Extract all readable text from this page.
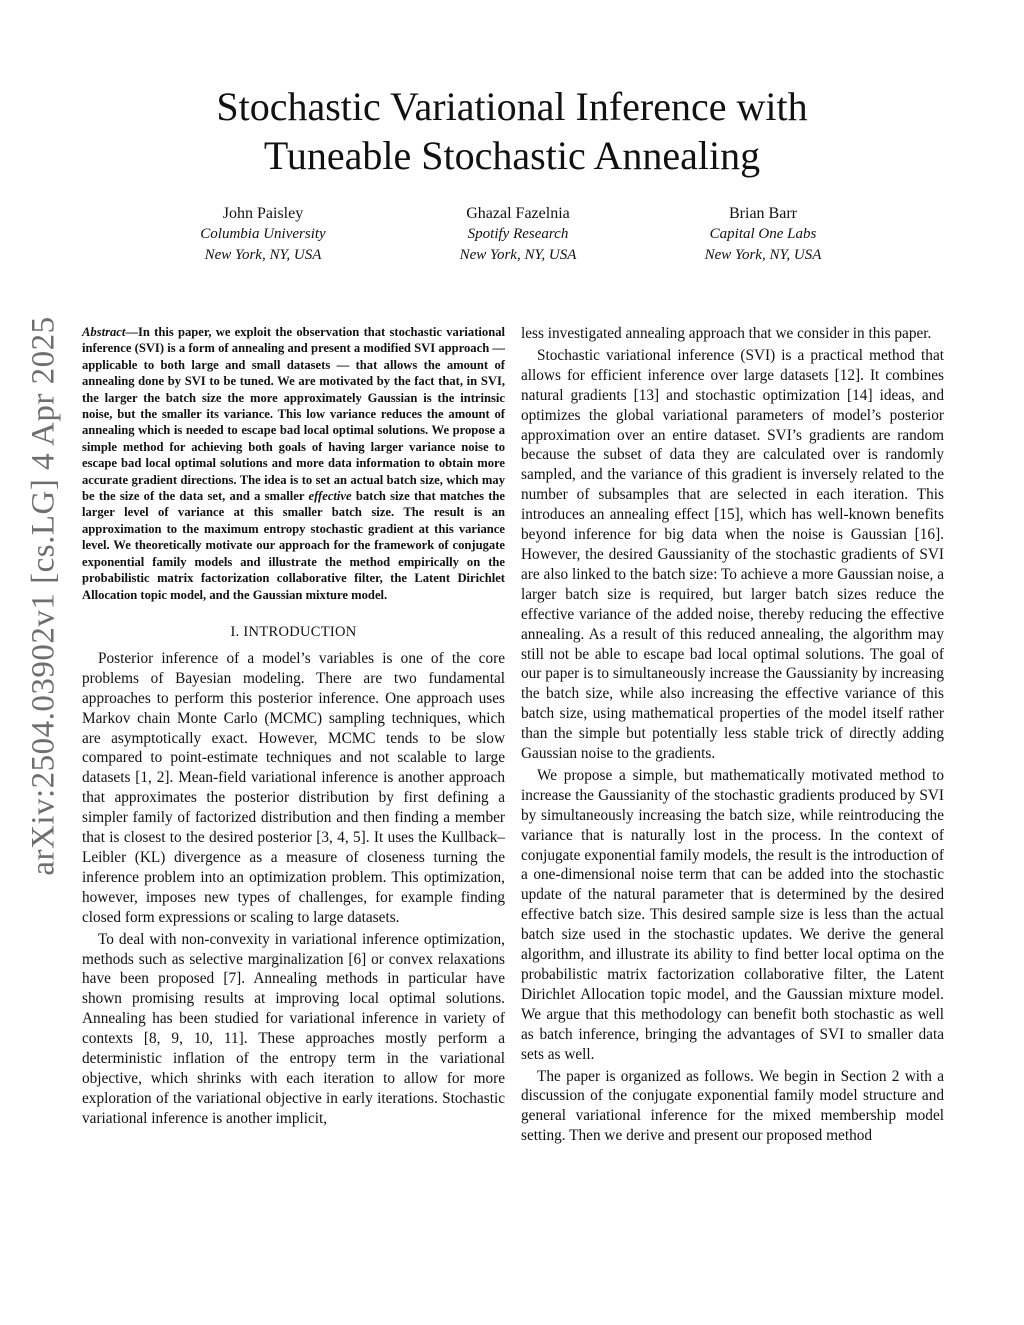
arXiv:2504.03902v1 [cs.LG] 4 Apr 2025
Stochastic Variational Inference with
Tuneable Stochastic Annealing
John Paisley
Columbia University
New York, NY, USA
Ghazal Fazelnia
Spotify Research
New York, NY, USA
Brian Barr
Capital One Labs
New York, NY, USA

Abstract—In this paper, we exploit the observation that stochastic variational inference (SVI) is a form of annealing and present a modified SVI approach — applicable to both large and small datasets — that allows the amount of annealing done by SVI to be tuned. We are motivated by the fact that, in SVI, the larger the batch size the more approximately Gaussian is the intrinsic noise, but the smaller its variance. This low variance reduces the amount of annealing which is needed to escape bad local optimal solutions. We propose a simple method for achieving both goals of having larger variance noise to escape bad local optimal solutions and more data information to obtain more accurate gradient directions. The idea is to set an actual batch size, which may be the size of the data set, and a smaller effective batch size that matches the larger level of variance at this smaller batch size. The result is an approximation to the maximum entropy stochastic gradient at this variance level. We theoretically motivate our approach for the framework of conjugate exponential family models and illustrate the method empirically on the probabilistic matrix factorization collaborative filter, the Latent Dirichlet Allocation topic model, and the Gaussian mixture model.

I. INTRODUCTION

Posterior inference of a model’s variables is one of the core problems of Bayesian modeling. There are two fundamental approaches to perform this posterior inference. One approach uses Markov chain Monte Carlo (MCMC) sampling techniques, which are asymptotically exact. However, MCMC tends to be slow compared to point-estimate techniques and not scalable to large datasets [1, 2]. Mean-field variational inference is another approach that approximates the posterior distribution by first defining a simpler family of factorized distribution and then finding a member that is closest to the desired posterior [3, 4, 5]. It uses the Kullback–Leibler (KL) divergence as a measure of closeness turning the inference problem into an optimization problem. This optimization, however, imposes new types of challenges, for example finding closed form expressions or scaling to large datasets.

To deal with non-convexity in variational inference optimization, methods such as selective marginalization [6] or convex relaxations have been proposed [7]. Annealing methods in particular have shown promising results at improving local optimal solutions. Annealing has been studied for variational inference in variety of contexts [8, 9, 10, 11]. These approaches mostly perform a deterministic inflation of the entropy term in the variational objective, which shrinks with each iteration to allow for more exploration of the variational objective in early iterations. Stochastic variational inference is another implicit,

less investigated annealing approach that we consider in this paper.

Stochastic variational inference (SVI) is a practical method that allows for efficient inference over large datasets [12]. It combines natural gradients [13] and stochastic optimization [14] ideas, and optimizes the global variational parameters of model’s posterior approximation over an entire dataset. SVI’s gradients are random because the subset of data they are calculated over is randomly sampled, and the variance of this gradient is inversely related to the number of subsamples that are selected in each iteration. This introduces an annealing effect [15], which has well-known benefits beyond inference for big data when the noise is Gaussian [16]. However, the desired Gaussianity of the stochastic gradients of SVI are also linked to the batch size: To achieve a more Gaussian noise, a larger batch size is required, but larger batch sizes reduce the effective variance of the added noise, thereby reducing the effective annealing. As a result of this reduced annealing, the algorithm may still not be able to escape bad local optimal solutions. The goal of our paper is to simultaneously increase the Gaussianity by increasing the batch size, while also increasing the effective variance of this batch size, using mathematical properties of the model itself rather than the simple but potentially less stable trick of directly adding Gaussian noise to the gradients.

We propose a simple, but mathematically motivated method to increase the Gaussianity of the stochastic gradients produced by SVI by simultaneously increasing the batch size, while reintroducing the variance that is naturally lost in the process. In the context of conjugate exponential family models, the result is the introduction of a one-dimensional noise term that can be added into the stochastic update of the natural parameter that is determined by the desired effective batch size. This desired sample size is less than the actual batch size used in the stochastic updates. We derive the general algorithm, and illustrate its ability to find better local optima on the probabilistic matrix factorization collaborative filter, the Latent Dirichlet Allocation topic model, and the Gaussian mixture model. We argue that this methodology can benefit both stochastic as well as batch inference, bringing the advantages of SVI to smaller data sets as well.

The paper is organized as follows. We begin in Section 2 with a discussion of the conjugate exponential family model structure and general variational inference for the mixed membership model setting. Then we derive and present our proposed method
